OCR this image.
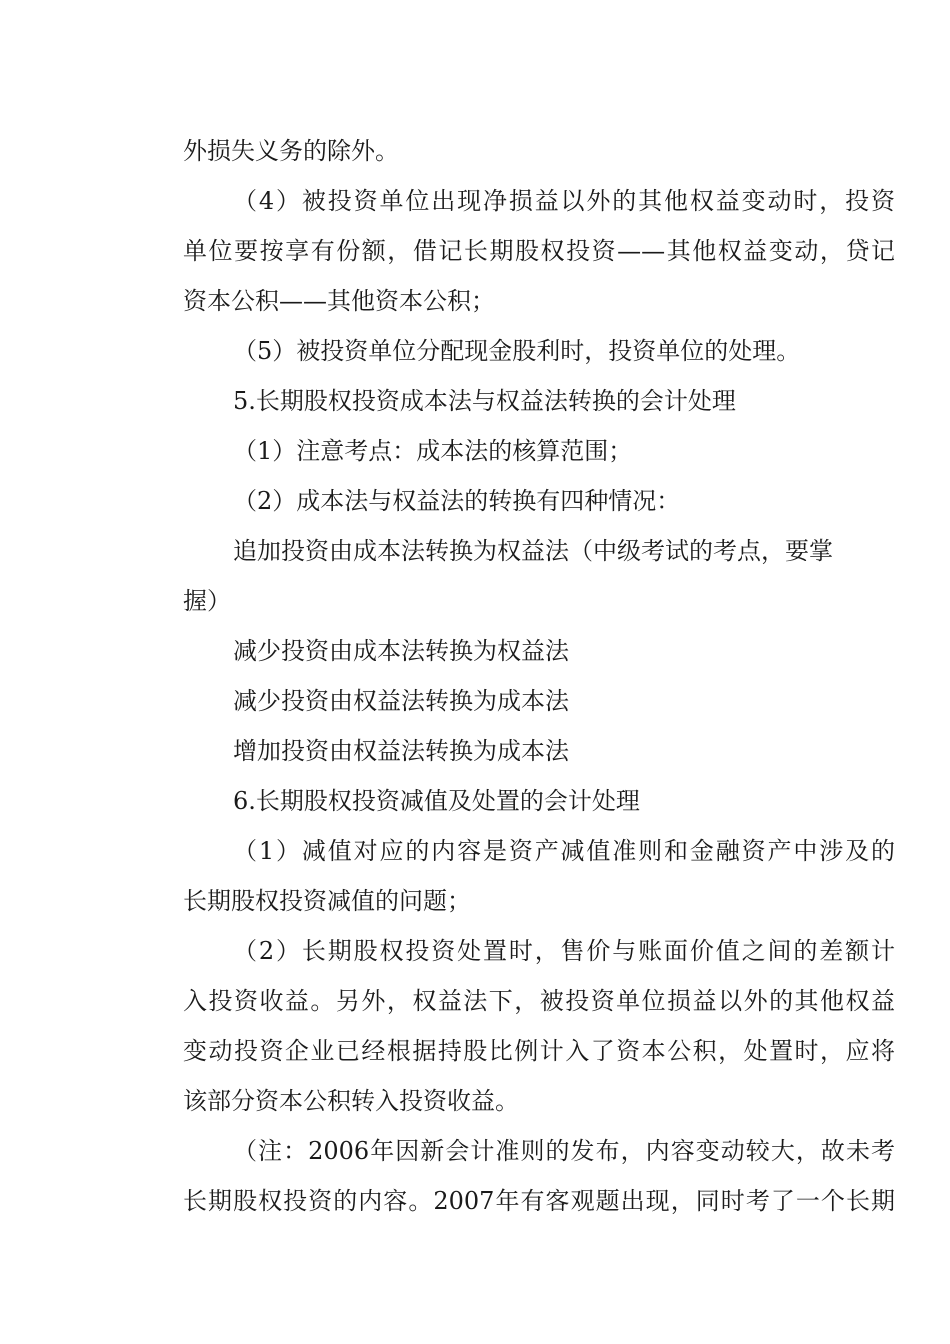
外损失义务的除外。
（4）被投资单位出现净损益以外的其他权益变动时，投资
单位要按享有份额，借记长期股权投资——其他权益变动，贷记
资本公积——其他资本公积；
（5）被投资单位分配现金股利时，投资单位的处理。
5.长期股权投资成本法与权益法转换的会计处理
（1）注意考点：成本法的核算范围；
（2）成本法与权益法的转换有四种情况：
追加投资由成本法转换为权益法（中级考试的考点，要掌
握）
减少投资由成本法转换为权益法
减少投资由权益法转换为成本法
增加投资由权益法转换为成本法
6.长期股权投资减值及处置的会计处理
（1）减值对应的内容是资产减值准则和金融资产中涉及的
长期股权投资减值的问题；
（2）长期股权投资处置时，售价与账面价值之间的差额计
入投资收益。另外，权益法下，被投资单位损益以外的其他权益
变动投资企业已经根据持股比例计入了资本公积，处置时，应将
该部分资本公积转入投资收益。
（注：2006年因新会计准则的发布，内容变动较大，故未考
长期股权投资的内容。2007年有客观题出现，同时考了一个长期
